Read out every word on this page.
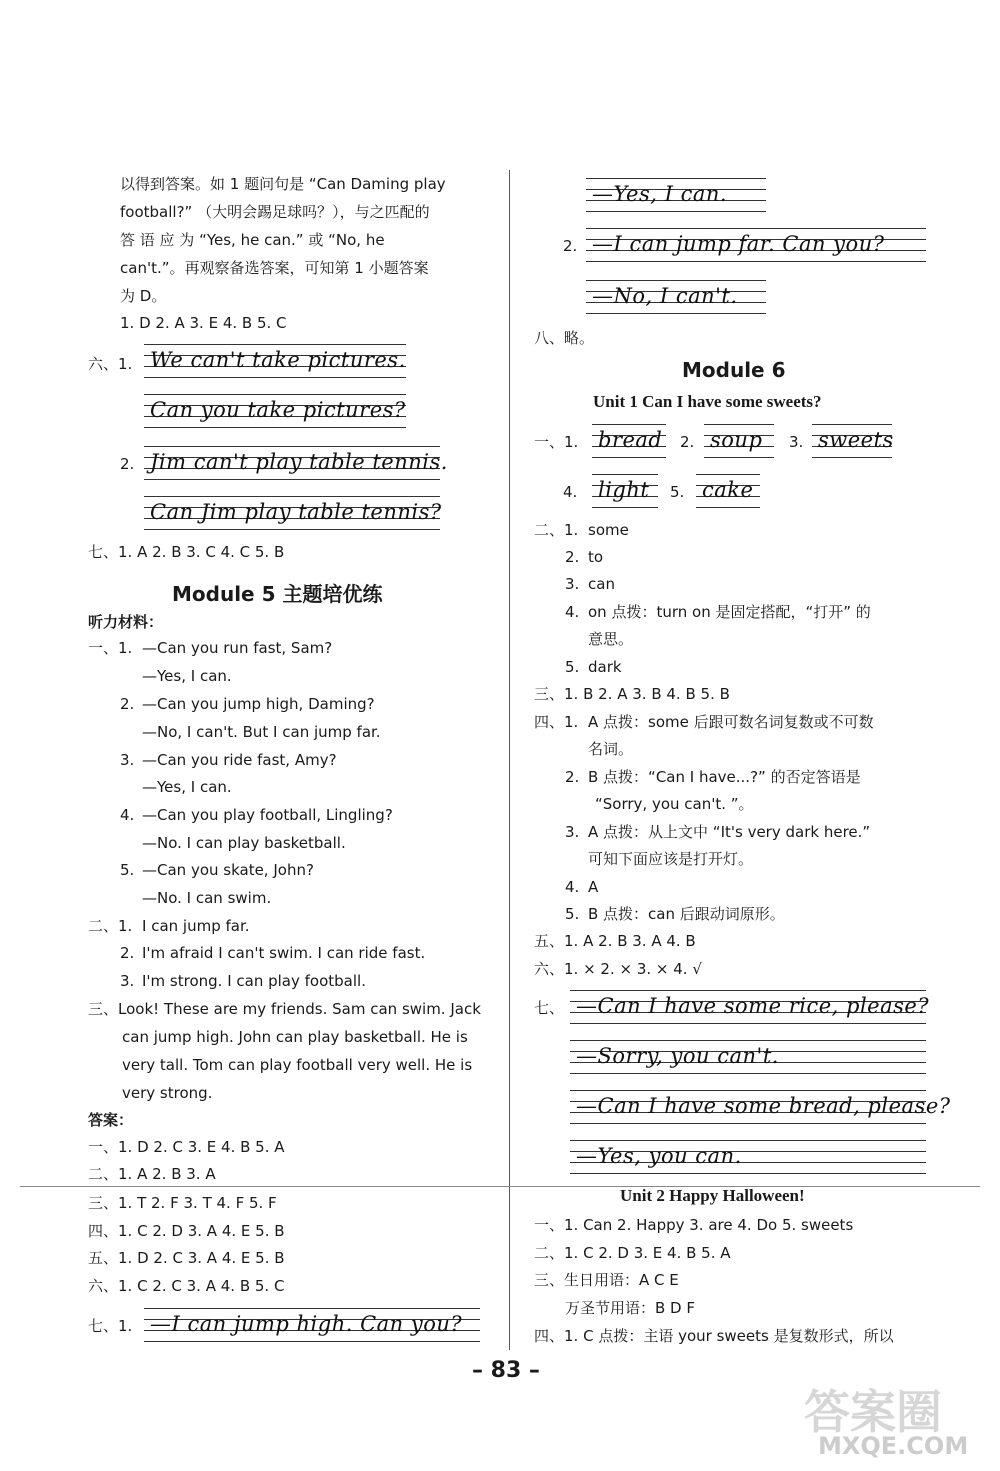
以得到答案。如 1 题问句是 “Can Daming play
football?” （大明会踢足球吗？），与之匹配的
答 语 应 为 “Yes, he can.” 或 “No, he
can't.”。再观察备选答案，可知第 1 小题答案
为 D。
1. D 2. A 3. E 4. B 5. C
六、1. We can't take pictures.
Can you take pictures?
2. Jim can't play table tennis.
Can Jim play table tennis?
七、1. A 2. B 3. C 4. C 5. B
Module 5 主题培优练
听力材料：
一、1. —Can you run fast, Sam?
—Yes, I can.
2. —Can you jump high, Daming?
—No, I can't. But I can jump far.
3. —Can you ride fast, Amy?
—Yes, I can.
4. —Can you play football, Lingling?
—No. I can play basketball.
5. —Can you skate, John?
—No. I can swim.
二、1. I can jump far.
2. I'm afraid I can't swim. I can ride fast.
3. I'm strong. I can play football.
三、Look! These are my friends. Sam can swim. Jack
can jump high. John can play basketball. He is
very tall. Tom can play football very well. He is
very strong.
答案：
一、1. D 2. C 3. E 4. B 5. A
二、1. A 2. B 3. A
三、1. T 2. F 3. T 4. F 5. F
四、1. C 2. D 3. A 4. E 5. B
五、1. D 2. C 3. A 4. E 5. B
六、1. C 2. C 3. A 4. B 5. C
七、1. —I can jump high. Can you?
—Yes, I can.
2. —I can jump far. Can you?
—No, I can't.
八、略。
Module 6
Unit 1 Can I have some sweets?
一、1. bread 2. soup 3. sweets
4. light 5. cake
二、1. some
2. to
3. can
4. on 点拨：turn on 是固定搭配，“打开” 的
意思。
5. dark
三、1. B 2. A 3. B 4. B 5. B
四、1. A 点拨：some 后跟可数名词复数或不可数
名词。
2. B 点拨：“Can I have...?” 的否定答语是
“Sorry, you can't. ”。
3. A 点拨：从上文中 “It's very dark here.”
可知下面应该是打开灯。
4. A
5. B 点拨：can 后跟动词原形。
五、1. A 2. B 3. A 4. B
六、1. × 2. × 3. × 4. √
七、 —Can I have some rice, please?
—Sorry, you can't.
—Can I have some bread, please?
—Yes, you can.
Unit 2 Happy Halloween!
一、1. Can 2. Happy 3. are 4. Do 5. sweets
二、1. C 2. D 3. E 4. B 5. A
三、生日用语：A C E
万圣节用语：B D F
四、1. C 点拨：主语 your sweets 是复数形式，所以
– 83 –
答案圈
MXQE.COM
